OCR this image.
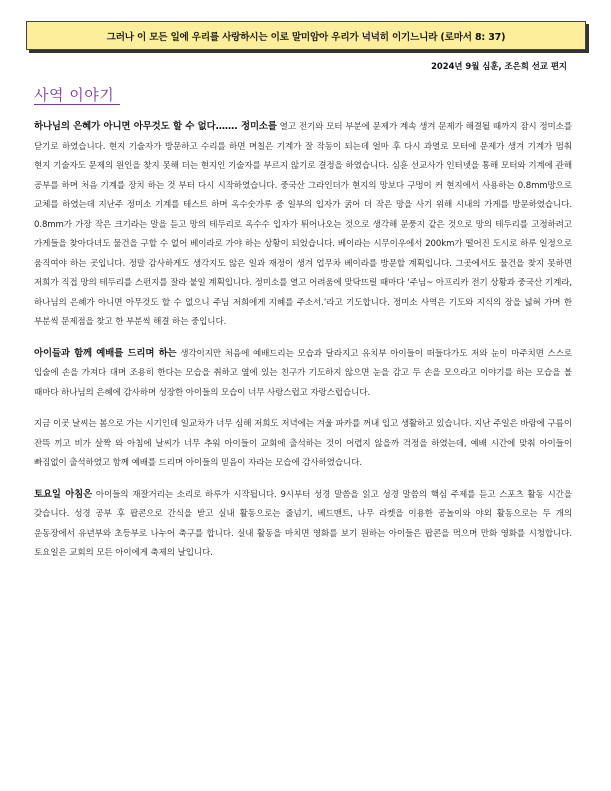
그러나 이 모든 일에 우리를 사랑하시는 이로 말미암아 우리가 넉넉히 이기느니라 (로마서 8: 37)
2024년 9월 심훈, 조은희 선교 편지
사역 이야기

하나님의 은혜가 아니면 아무것도 할 수 없다……. 정미소를 열고 전기와 모터 부분에 문제가 계속 생겨 문제가 해결될 때까지 잠시 정미소를 닫기로 하였습니다. 현지 기술자가 방문하고 수리를 하면 며칠은 기계가 잘 작동이 되는데 얼마 후 다시 과열로 모터에 문제가 생겨 기계가 멈춰 현지 기술자도 문제의 원인을 찾지 못해 더는 현지인 기술자를 부르지 않기로 결정을 하였습니다. 심훈 선교사가 인터넷을 통해 모터와 기계에 관해 공부를 하며 처음 기계를 장치 하는 것 부터 다시 시작하였습니다. 중국산 그라인더가 현지의 망보다 구멍이 커 현지에서 사용하는 0.8mm망으로 교체를 하였는데 지난주 정미소 기계를 테스트 하며 옥수숫가루 중 일부의 입자가 굵어 더 작은 망을 사기 위해 시내의 가게를 방문하였습니다. 0.8mm가 가장 작은 크기라는 말을 듣고 망의 테두리로 옥수수 입자가 튀어나오는 것으로 생각해 문풍지 같은 것으로 망의 테두리를 고정하려고 가게들을 찾아다녀도 물건을 구할 수 없어 베이라로 가야 하는 상황이 되었습니다. 베이라는 시무이우에서 200km가 떨어진 도시로 하루 일정으로 움직여야 하는 곳입니다. 정말 감사하게도 생각지도 않은 일과 재정이 생겨 업무차 베이라를 방문할 계획입니다. 그곳에서도 물건을 찾지 못하면 저희가 직접 망의 테두리를 스펀지를 잘라 붙일 계획입니다. 정미소를 열고 어려움에 맞닥뜨릴 때마다 ‘주님~ 아프리카 전기 상황과 중국산 기계라, 하나님의 은혜가 아니면 아무것도 할 수 없으니 주님 저희에게 지혜를 주소서.’라고 기도합니다. 정미소 사역은 기도와 지식의 장을 넓혀 가며 한 부분씩 문제점을 찾고 한 부분씩 해결 하는 중입니다.

아이들과 함께 예배를 드리며 하는 생각이지만 처음에 예배드리는 모습과 달라지고 유치부 아이들이 떠들다가도 저와 눈이 마주치면 스스로 입술에 손을 가져다 대며 조용히 한다는 모습을 취하고 옆에 있는 친구가 기도하지 않으면 눈을 감고 두 손을 모으라고 이야기를 하는 모습을 볼 때마다 하나님의 은혜에 감사하며 성장한 아이들의 모습이 너무 사랑스럽고 자랑스럽습니다.

지금 이곳 날씨는 봄으로 가는 시기인데 일교차가 너무 심해 저희도 저녁에는 겨울 파카를 꺼내 입고 생활하고 있습니다. 지난 주일은 바람에 구름이 잔뜩 끼고 비가 살짝 와 아침에 날씨가 너무 추워 아이들이 교회에 출석하는 것이 어렵지 않을까 걱정을 하였는데, 예배 시간에 맞춰 아이들이 빠짐없이 출석하였고 함께 예배를 드리며 아이들의 믿음이 자라는 모습에 감사하였습니다.

토요일 아침은 아이들의 재잘거리는 소리로 하루가 시작됩니다. 9시부터 성경 말씀을 읽고 성경 말씀의 핵심 주제를 듣고 스포츠 활동 시간을 갖습니다. 성경 공부 후 팝콘으로 간식을 받고 실내 활동으로는 줄넘기, 베드맨트, 나무 라켓을 이용한 공놀이와 야외 활동으로는 두 개의 운동장에서 유년부와 초등부로 나누어 축구를 합니다. 실내 활동을 마치면 영화를 보기 원하는 아이들은 팝콘을 먹으며 만화 영화를 시청합니다. 토요일은 교회의 모든 아이에게 축제의 날입니다.
